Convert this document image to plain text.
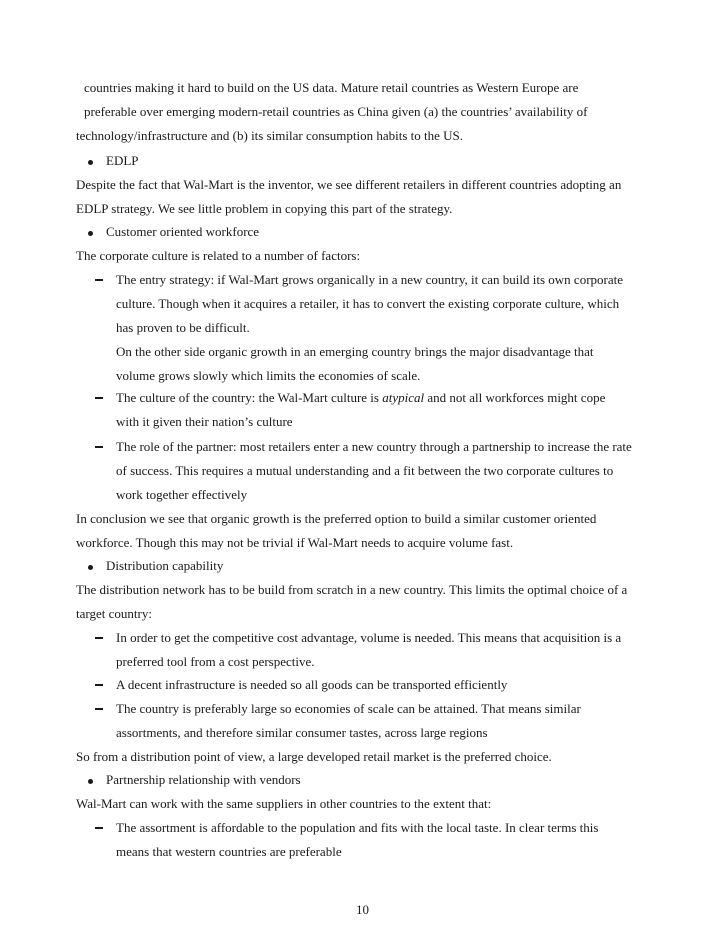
countries making it hard to build on the US data. Mature retail countries as Western Europe are
preferable over emerging modern-retail countries as China given (a) the countries’ availability of
technology/infrastructure and (b) its similar consumption habits to the US.
EDLP
Despite the fact that Wal-Mart is the inventor, we see different retailers in different countries adopting an
EDLP strategy. We see little problem in copying this part of the strategy.
Customer oriented workforce
The corporate culture is related to a number of factors:
The entry strategy: if Wal-Mart grows organically in a new country, it can build its own corporate
culture. Though when it acquires a retailer, it has to convert the existing corporate culture, which
has proven to be difficult.
On the other side organic growth in an emerging country brings the major disadvantage that
volume grows slowly which limits the economies of scale.
The culture of the country: the Wal-Mart culture is atypical and not all workforces might cope
with it given their nation’s culture
The role of the partner: most retailers enter a new country through a partnership to increase the rate
of success. This requires a mutual understanding and a fit between the two corporate cultures to
work together effectively
In conclusion we see that organic growth is the preferred option to build a similar customer oriented
workforce. Though this may not be trivial if Wal-Mart needs to acquire volume fast.
Distribution capability
The distribution network has to be build from scratch in a new country. This limits the optimal choice of a
target country:
In order to get the competitive cost advantage, volume is needed. This means that acquisition is a
preferred tool from a cost perspective.
A decent infrastructure is needed so all goods can be transported efficiently
The country is preferably large so economies of scale can be attained. That means similar
assortments, and therefore similar consumer tastes, across large regions
So from a distribution point of view, a large developed retail market is the preferred choice.
Partnership relationship with vendors
Wal-Mart can work with the same suppliers in other countries to the extent that:
The assortment is affordable to the population and fits with the local taste. In clear terms this
means that western countries are preferable
10
